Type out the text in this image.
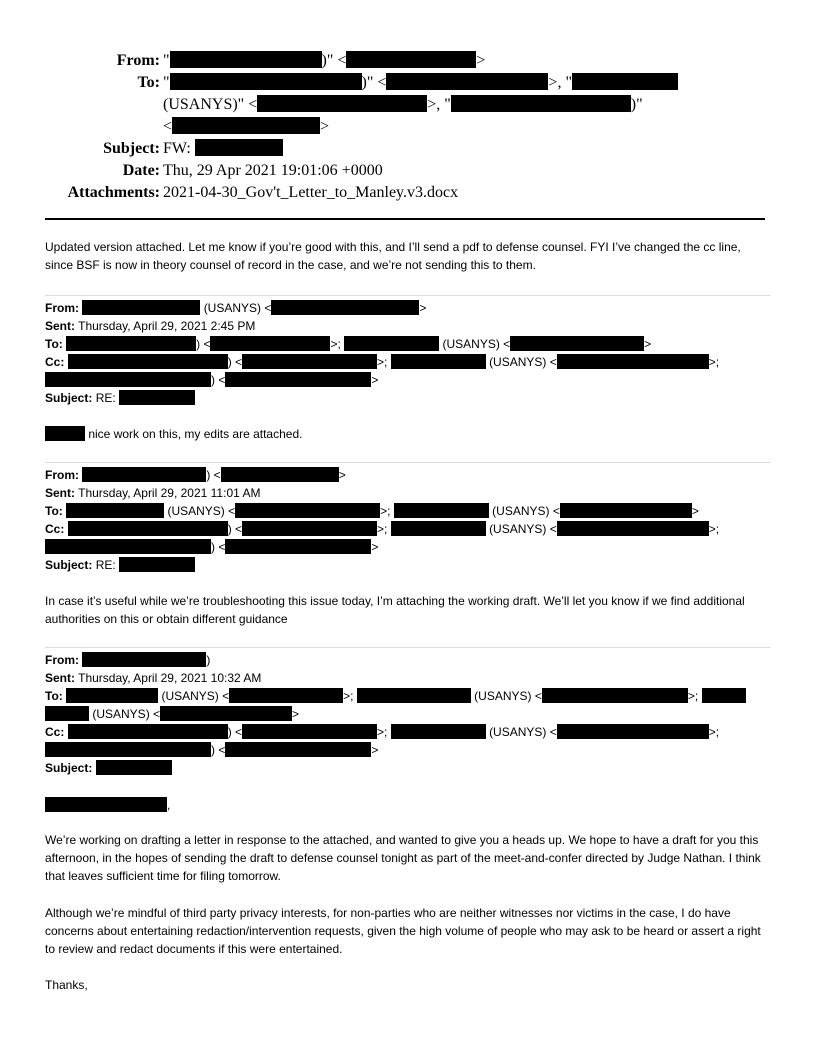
From: "	)" <	>
To: "	)" <	>, "
(USANYS)" <	>, "	)"
<	>
Subject: FW:
Date: Thu, 29 Apr 2021 19:01:06 +0000
Attachments: 2021-04-30_Gov't_Letter_to_Manley.v3.docx

Updated version attached. Let me know if you’re good with this, and I’ll send a pdf to defense counsel. FYI I’ve changed the cc line, since BSF is now in theory counsel of record in the case, and we’re not sending this to them.

From:	(USANYS) <	>
Sent: Thursday, April 29, 2021 2:45 PM
To:	) <	>;	(USANYS) <	>
Cc:	) <	>;	(USANYS) <	>;
) <	>
Subject: RE:

nice work on this, my edits are attached.

From:	) <	>
Sent: Thursday, April 29, 2021 11:01 AM
To:	(USANYS) <	>;	(USANYS) <	>
Cc:	) <	>;	(USANYS) <	>;
) <	>
Subject: RE:

In case it’s useful while we’re troubleshooting this issue today, I’m attaching the working draft. We’ll let you know if we find additional authorities on this or obtain different guidance

From:	)
Sent: Thursday, April 29, 2021 10:32 AM
To:	(USANYS) <	>;	(USANYS) <	>;
(USANYS) <	>
Cc:	) <	>;	(USANYS) <	>;
) <	>
Subject:

,

We’re working on drafting a letter in response to the attached, and wanted to give you a heads up. We hope to have a draft for you this afternoon, in the hopes of sending the draft to defense counsel tonight as part of the meet-and-confer directed by Judge Nathan. I think that leaves sufficient time for filing tomorrow.

Although we’re mindful of third party privacy interests, for non-parties who are neither witnesses nor victims in the case, I do have concerns about entertaining redaction/intervention requests, given the high volume of people who may ask to be heard or assert a right to review and redact documents if this were entertained.

Thanks,
